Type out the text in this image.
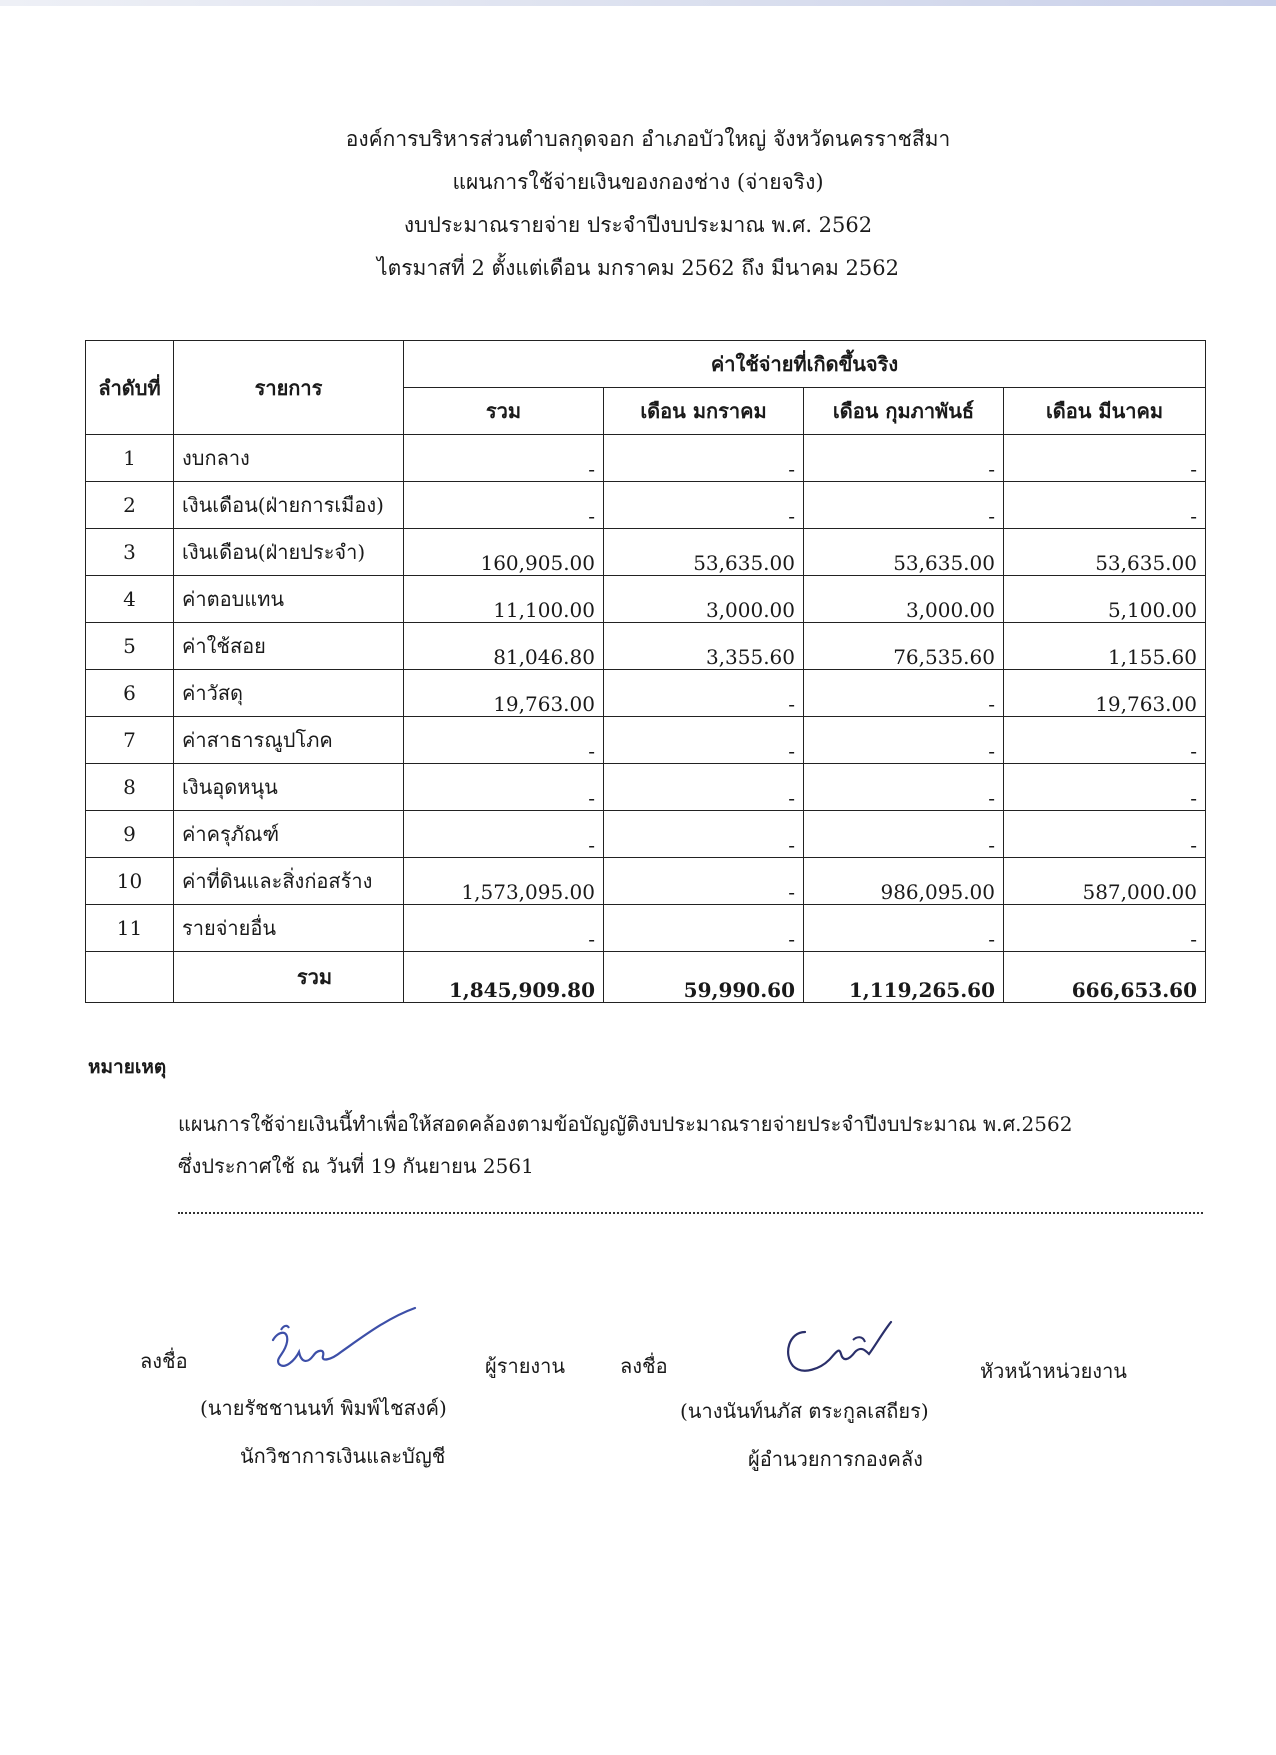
องค์การบริหารส่วนตำบลกุดจอก อำเภอบัวใหญ่ จังหวัดนครราชสีมา
แผนการใช้จ่ายเงินของกองช่าง (จ่ายจริง)
งบประมาณรายจ่าย ประจำปีงบประมาณ พ.ศ. 2562
ไตรมาสที่ 2 ตั้งแต่เดือน มกราคม 2562 ถึง มีนาคม 2562
ลำดับที่	รายการ	ค่าใช้จ่ายที่เกิดขึ้นจริง			
		รวม	เดือน มกราคม	เดือน กุมภาพันธ์	เดือน มีนาคม
1	งบกลาง	-	-	-	-
2	เงินเดือน(ฝ่ายการเมือง)	-	-	-	-
3	เงินเดือน(ฝ่ายประจำ)	160,905.00	53,635.00	53,635.00	53,635.00
4	ค่าตอบแทน	11,100.00	3,000.00	3,000.00	5,100.00
5	ค่าใช้สอย	81,046.80	3,355.60	76,535.60	1,155.60
6	ค่าวัสดุ	19,763.00	-	-	19,763.00
7	ค่าสาธารณูปโภค	-	-	-	-
8	เงินอุดหนุน	-	-	-	-
9	ค่าครุภัณฑ์	-	-	-	-
10	ค่าที่ดินและสิ่งก่อสร้าง	1,573,095.00	-	986,095.00	587,000.00
11	รายจ่ายอื่น	-	-	-	-
	รวม	1,845,909.80	59,990.60	1,119,265.60	666,653.60
หมายเหตุ
แผนการใช้จ่ายเงินนี้ทำเพื่อให้สอดคล้องตามข้อบัญญัติงบประมาณรายจ่ายประจำปีงบประมาณ พ.ศ.2562
ซึ่งประกาศใช้ ณ วันที่ 19 กันยายน 2561
ลงชื่อ	ผู้รายงาน
(นายรัชชานนท์ พิมพ์ไชสงค์)
นักวิชาการเงินและบัญชี
ลงชื่อ	หัวหน้าหน่วยงาน
(นางนันท์นภัส ตระกูลเสถียร)
ผู้อำนวยการกองคลัง
